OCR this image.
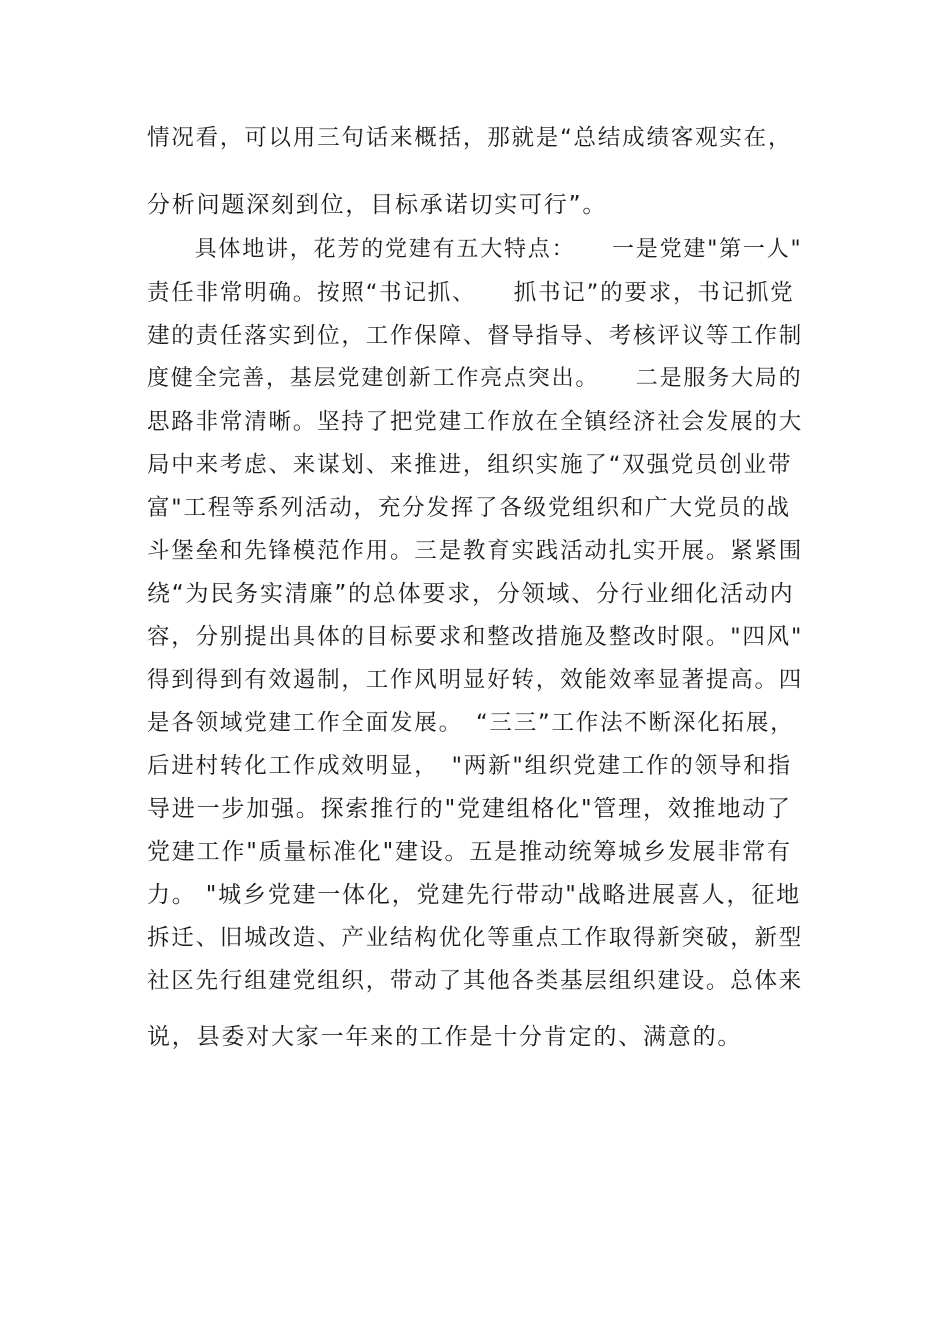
情况看，可以用三句话来概括，那就是“总结成绩客观实在，
分析问题深刻到位，目标承诺切实可行”。
　　具体地讲，花芳的党建有五大特点：　　一是党建"第一人"
责任非常明确。按照“书记抓、　　抓书记”的要求，书记抓党
建的责任落实到位，工作保障、督导指导、考核评议等工作制
度健全完善，基层党建创新工作亮点突出。　　二是服务大局的
思路非常清晰。坚持了把党建工作放在全镇经济社会发展的大
局中来考虑、来谋划、来推进，组织实施了“双强党员创业带
富"工程等系列活动，充分发挥了各级党组织和广大党员的战
斗堡垒和先锋模范作用。三是教育实践活动扎实开展。紧紧围
绕“为民务实清廉”的总体要求，分领域、分行业细化活动内
容，分别提出具体的目标要求和整改措施及整改时限。"四风"
得到得到有效遏制，工作风明显好转，效能效率显著提高。四
是各领域党建工作全面发展。　“三三”工作法不断深化拓展，
后进村转化工作成效明显，　"两新"组织党建工作的领导和指
导进一步加强。探索推行的"党建组格化"管理，效推地动了
党建工作"质量标准化"建设。五是推动统筹城乡发展非常有
力。 "城乡党建一体化，党建先行带动"战略进展喜人，征地
拆迁、旧城改造、产业结构优化等重点工作取得新突破，新型
社区先行组建党组织，带动了其他各类基层组织建设。总体来
说，县委对大家一年来的工作是十分肯定的、满意的。
